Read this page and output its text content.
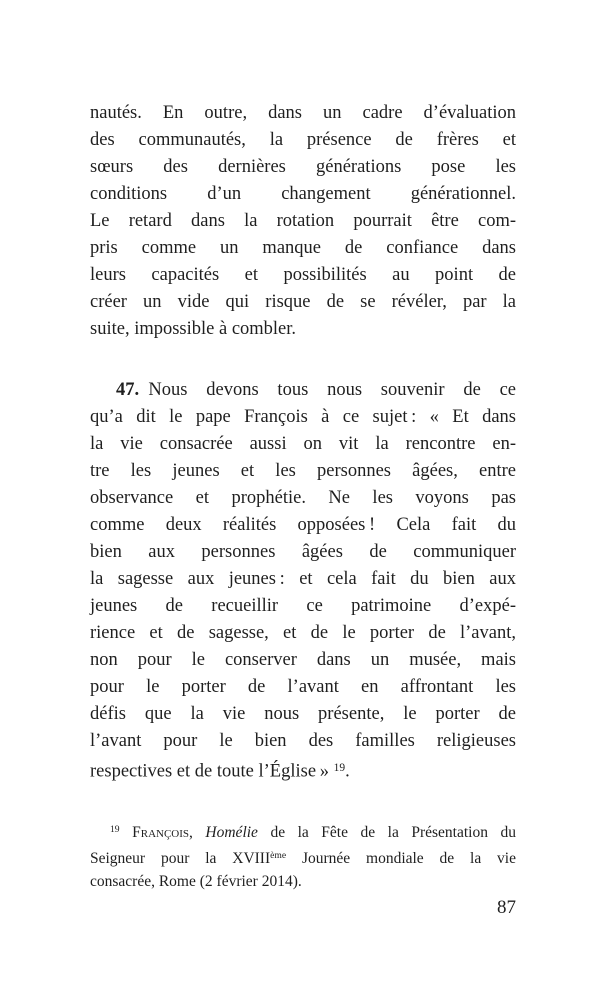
nautés. En outre, dans un cadre d’évaluation
des communautés, la présence de frères et
sœurs des dernières générations pose les
conditions d’un changement générationnel.
Le retard dans la rotation pourrait être com-
pris comme un manque de confiance dans
leurs capacités et possibilités au point de
créer un vide qui risque de se révéler, par la
suite, impossible à combler.
47. Nous devons tous nous souvenir de ce
qu’a dit le pape François à ce sujet : « Et dans
la vie consacrée aussi on vit la rencontre en-
tre les jeunes et les personnes âgées, entre
observance et prophétie. Ne les voyons pas
comme deux réalités opposées ! Cela fait du
bien aux personnes âgées de communiquer
la sagesse aux jeunes : et cela fait du bien aux
jeunes de recueillir ce patrimoine d’expé-
rience et de sagesse, et de le porter de l’avant,
non pour le conserver dans un musée, mais
pour le porter de l’avant en affrontant les
défis que la vie nous présente, le porter de
l’avant pour le bien des familles religieuses
respectives et de toute l’Église » $^{19}$.
$^{19}$ François, Homélie de la Fête de la Présentation du
Seigneur pour la XVIIIème Journée mondiale de la vie
consacrée, Rome (2 février 2014).
87
